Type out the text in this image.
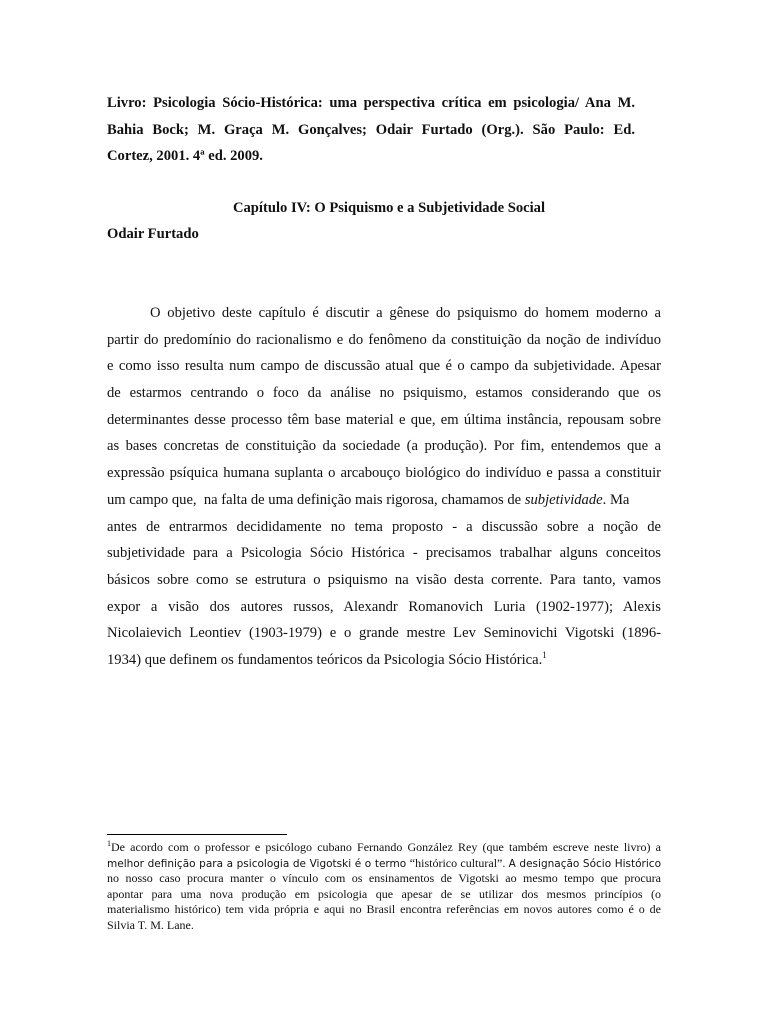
Livro: Psicologia Sócio-Histórica: uma perspectiva crítica em psicologia/ Ana M.
Bahia Bock; M. Graça M. Gonçalves; Odair Furtado (Org.). São Paulo: Ed.
Cortez, 2001. 4ª ed. 2009.
Capítulo IV: O Psiquismo e a Subjetividade Social
Odair Furtado
O objetivo deste capítulo é discutir a gênese do psiquismo do homem moderno a
partir do predomínio do racionalismo e do fenômeno da constituição da noção de indivíduo
e como isso resulta num campo de discussão atual que é o campo da subjetividade. Apesar
de estarmos centrando o foco da análise no psiquismo, estamos considerando que os
determinantes desse processo têm base material e que, em última instância, repousam sobre
as bases concretas de constituição da sociedade (a produção). Por fim, entendemos que a
expressão psíquica humana suplanta o arcabouço biológico do indivíduo e passa a constituir
um campo que,  na falta de uma definição mais rigorosa, chamamos de subjetividade. Ma
antes de entrarmos decididamente no tema proposto - a discussão sobre a noção de
subjetividade para a Psicologia Sócio Histórica - precisamos trabalhar alguns conceitos
básicos sobre como se estrutura o psiquismo na visão desta corrente. Para tanto, vamos
expor a visão dos autores russos, Alexandr Romanovich Luria (1902-1977); Alexis
Nicolaievich Leontiev (1903-1979) e o grande mestre Lev Seminovichi Vigotski (1896-
1934) que definem os fundamentos teóricos da Psicologia Sócio Histórica.$^1$
$^1$De acordo com o professor e psicólogo cubano Fernando González Rey (que também escreve neste livro) a
melhor definição para a psicologia de Vigotski é o termo “histórico cultural”. A designação Sócio Histórico
no nosso caso procura manter o vínculo com os ensinamentos de Vigotski ao mesmo tempo que procura
apontar para uma nova produção em psicologia que apesar de se utilizar dos mesmos princípios (o
materialismo histórico) tem vida própria e aqui no Brasil encontra referências em novos autores como é o de
Silvia T. M. Lane.
